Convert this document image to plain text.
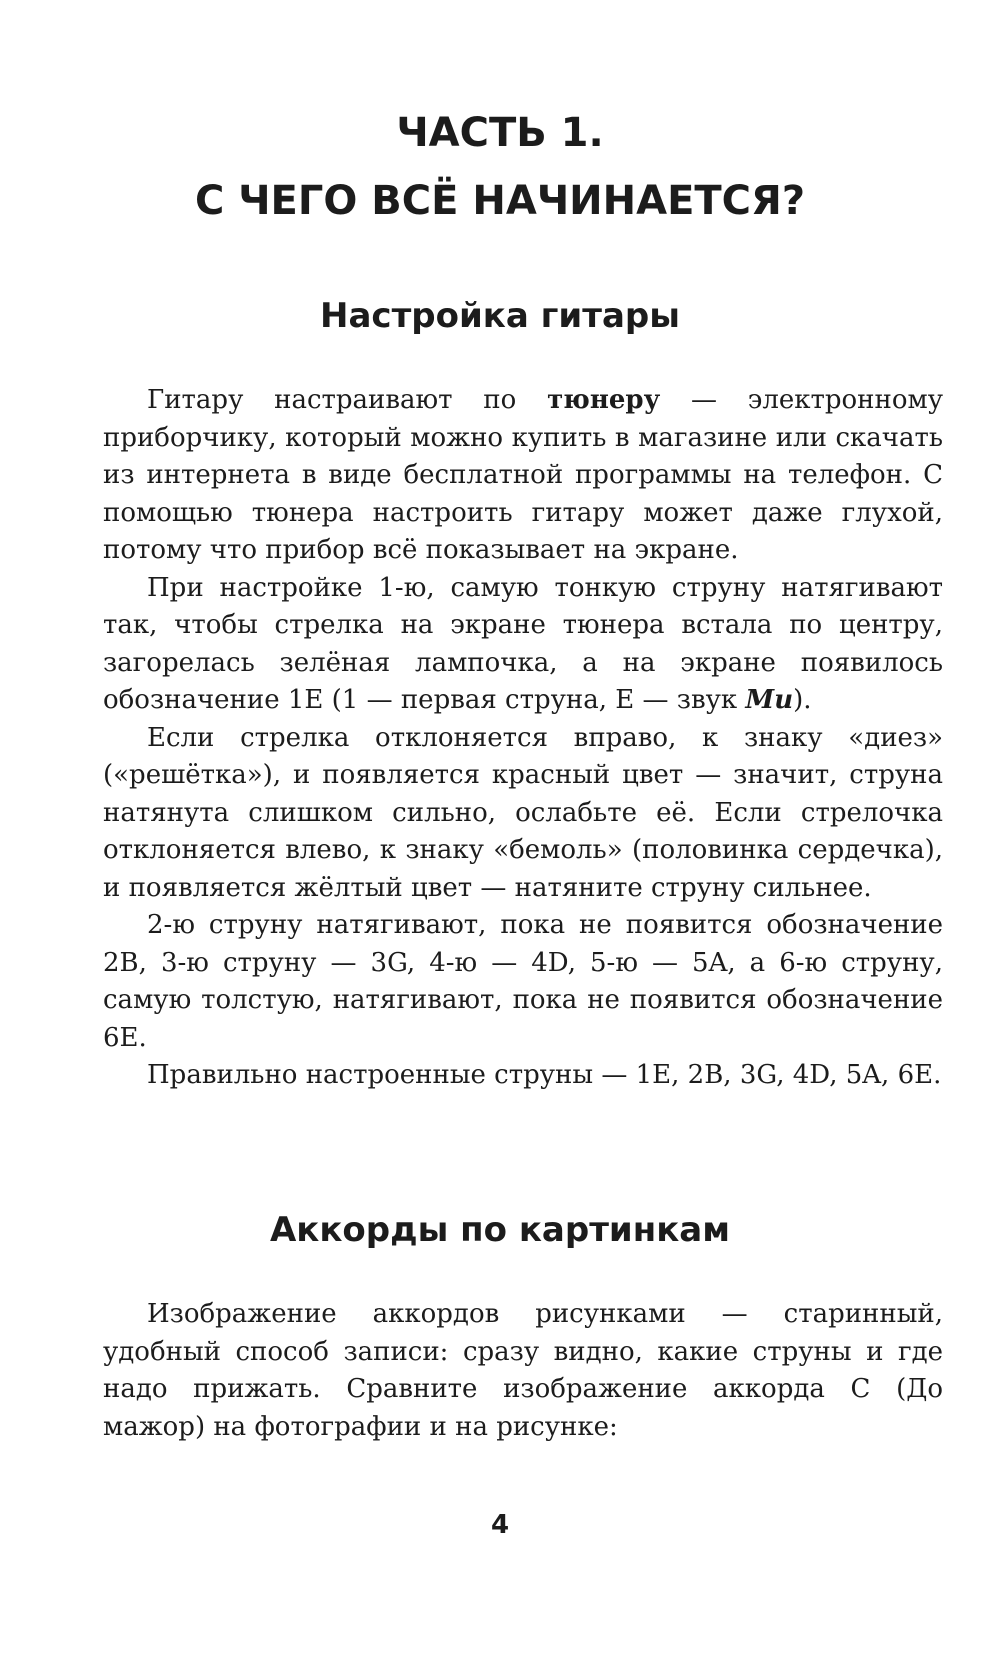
ЧАСТЬ 1.
С ЧЕГО ВСЁ НАЧИНАЕТСЯ?
Настройка гитары

Гитару настраивают по тюнеру — электронному приборчику, который можно купить в магазине или скачать из интернета в виде бесплатной программы на телефон. С помощью тюнера настроить гитару может даже глухой, потому что прибор всё показывает на экране.

При настройке 1-ю, самую тонкую струну натягивают так, чтобы стрелка на экране тюнера встала по центру, загорелась зелёная лампочка, а на экране появилось обозначение 1E (1 — первая струна, E — звук Ми).

Если стрелка отклоняется вправо, к знаку «диез» («решётка»), и появляется красный цвет — значит, струна натянута слишком сильно, ослабьте её. Если стрелочка отклоняется влево, к знаку «бемоль» (половинка сердечка), и появляется жёлтый цвет — натяните струну сильнее.

2-ю струну натягивают, пока не появится обозначение 2B, 3-ю струну — 3G, 4-ю — 4D, 5-ю — 5A, а 6-ю струну, самую толстую, натягивают, пока не появится обозначение 6E.

Правильно настроенные струны — 1E, 2B, 3G, 4D, 5A, 6E.

Аккорды по картинкам

Изображение аккордов рисунками — старинный, удобный способ записи: сразу видно, какие струны и где надо прижать. Сравните изображение аккорда C (До мажор) на фотографии и на рисунке:

4
